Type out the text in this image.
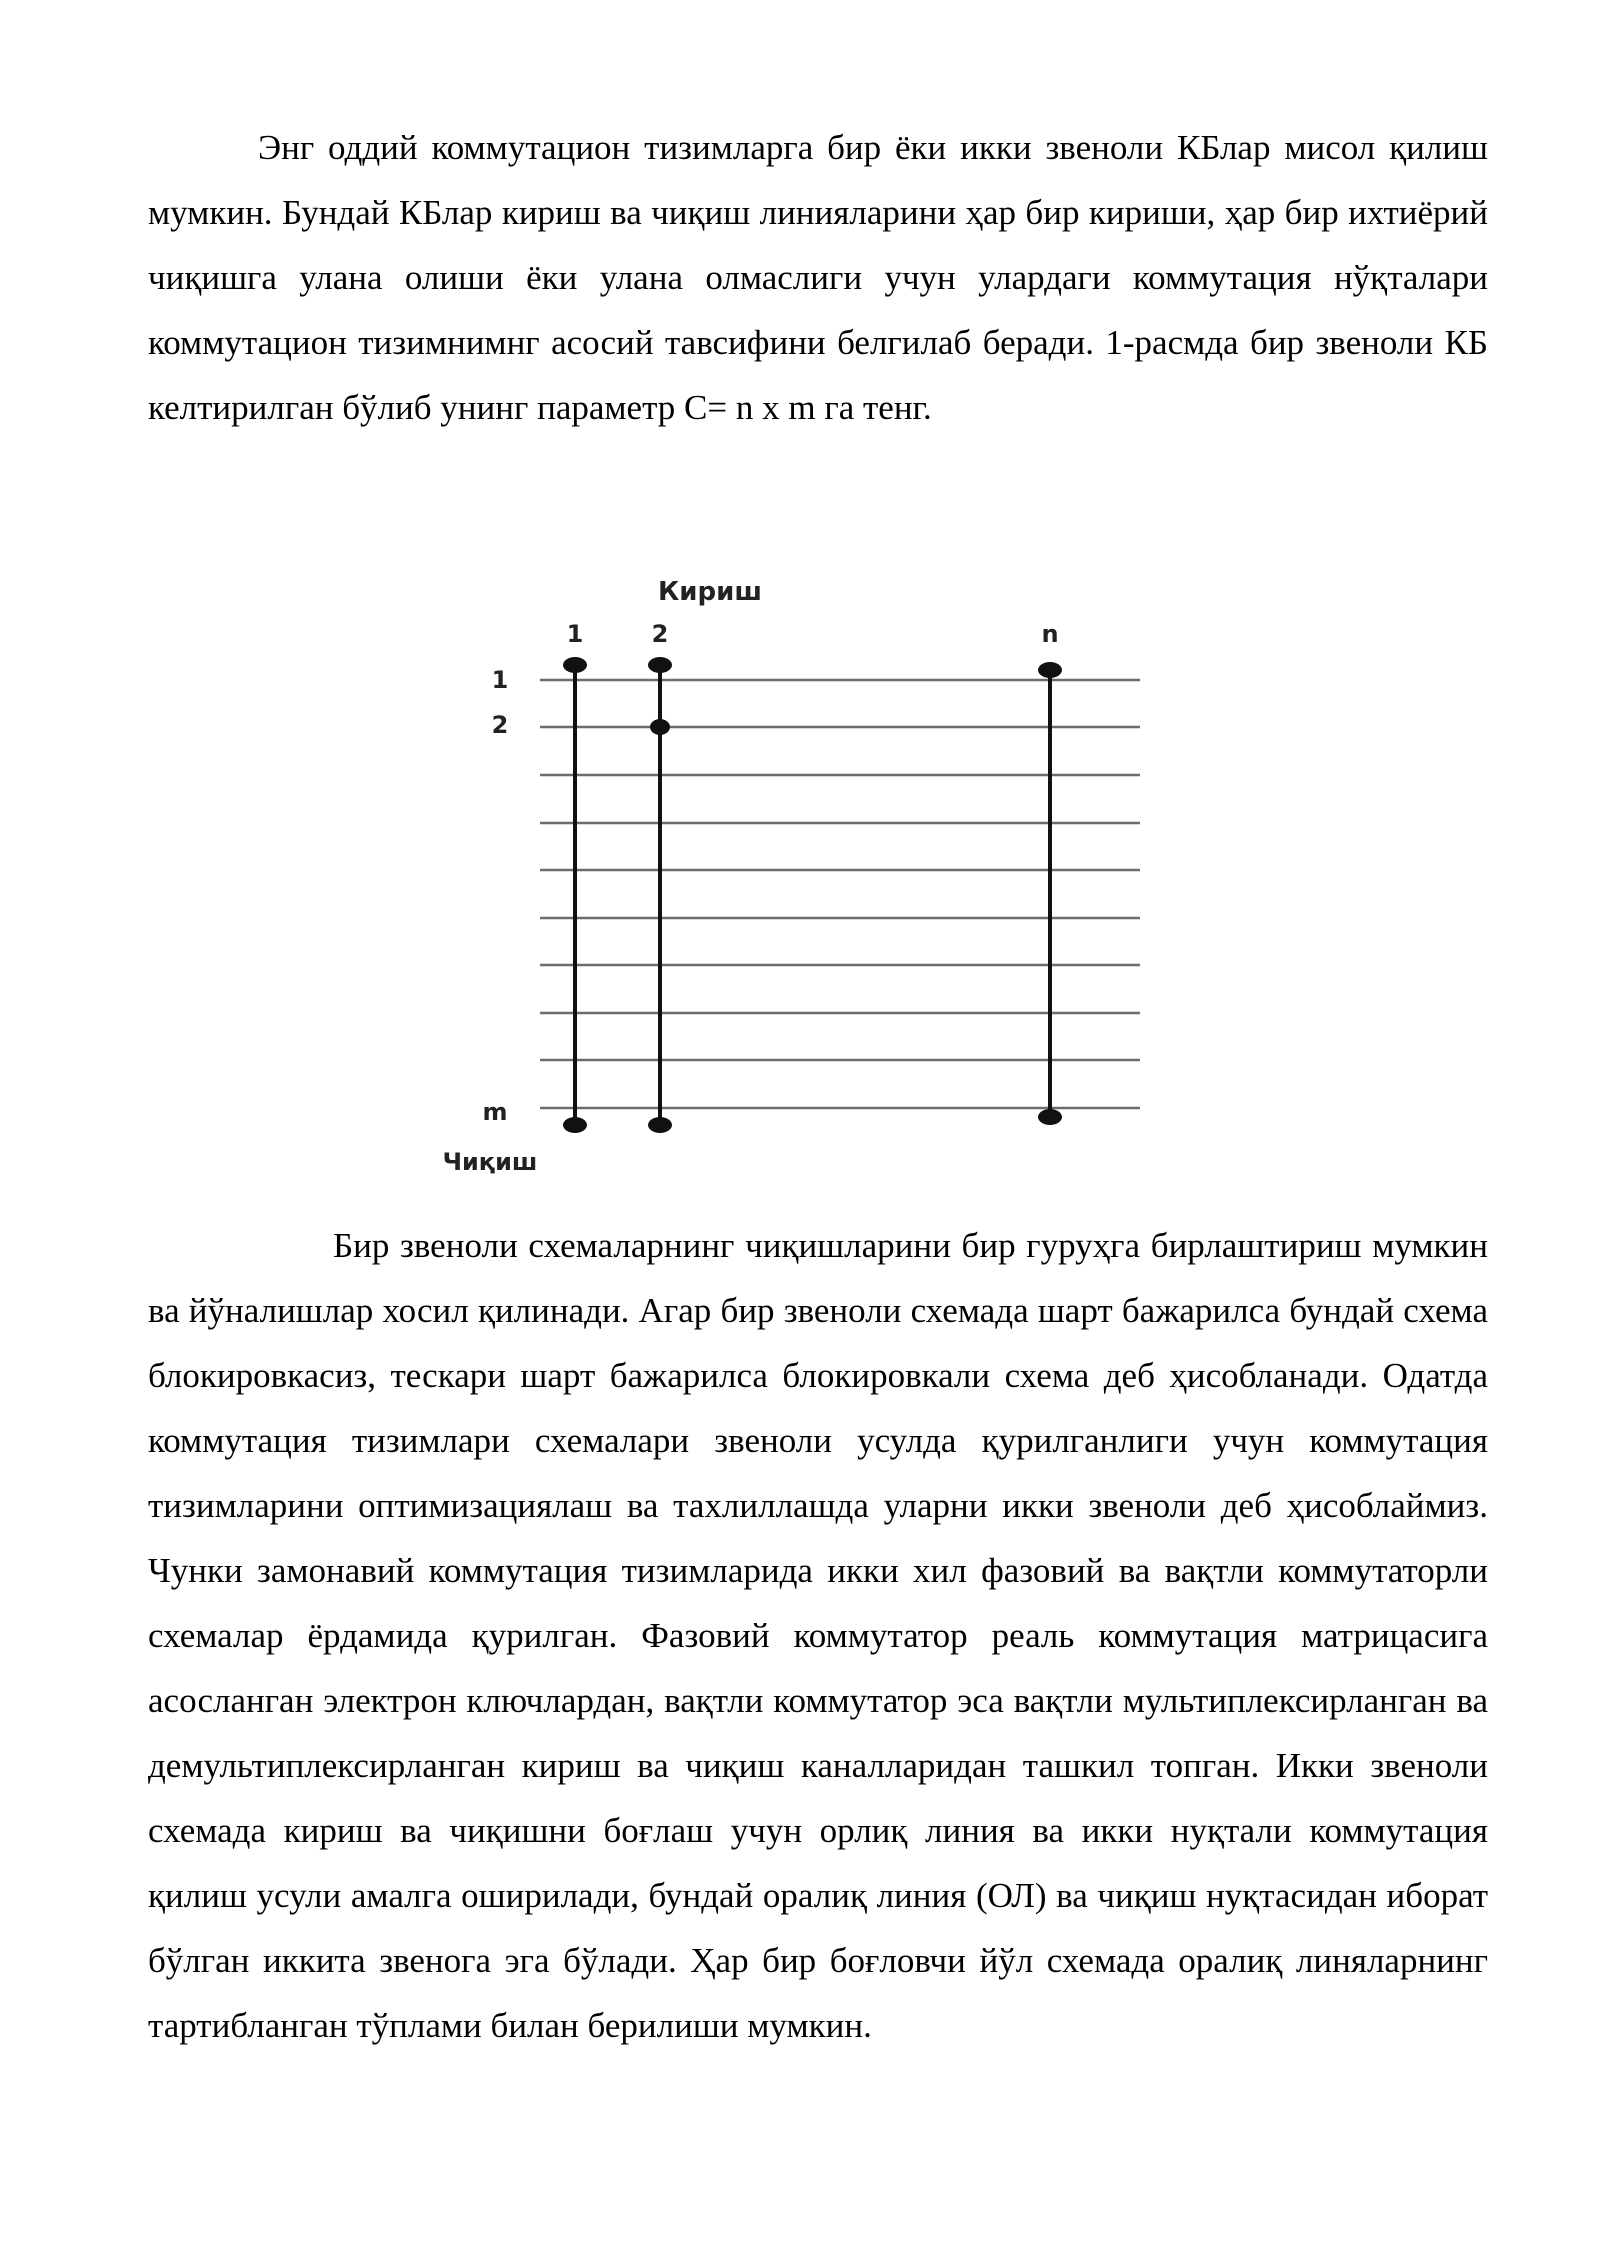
Энг оддий коммутацион тизимларга бир ёки икки звеноли КБлар мисол қилиш мумкин. Бундай КБлар кириш ва чиқиш линияларини ҳар бир кириши, ҳар бир ихтиёрий чиқишга улана олиши ёки улана олмаслиги учун улардаги коммутация нўқталари коммутацион тизимнимнг асосий тавсифини белгилаб беради. 1-расмда бир звеноли КБ келтирилган бўлиб унинг параметр С= n х m га тенг.

Кириш
1	2	n
1
2
m
Чиқиш

Бир звеноли схемаларнинг чиқишларини бир гуруҳга бирлаштириш мумкин ва йўналишлар хосил қилинади. Агар бир звеноли схемада шарт бажарилса бундай схема блокировкасиз, тескари шарт бажарилса блокировкали схема деб ҳисобланади. Одатда коммутация тизимлари схемалари звеноли усулда қурилганлиги учун коммутация тизимларини оптимизациялаш ва тахлиллашда уларни икки звеноли деб ҳисоблаймиз. Чунки замонавий коммутация тизимларида икки хил фазовий ва вақтли коммутаторли схемалар ёрдамида қурилган. Фазовий коммутатор реаль коммутация матрицасига асосланган электрон ключлардан, вақтли коммутатор эса вақтли мультиплексирланган ва демультиплексирланган кириш ва чиқиш каналларидан ташкил топган. Икки звеноли схемада кириш ва чиқишни боғлаш учун орлиқ линия ва икки нуқтали коммутация қилиш усули амалга оширилади, бундай оралиқ линия (ОЛ) ва чиқиш нуқтасидан иборат бўлган иккита звенога эга бўлади. Ҳар бир боғловчи йўл схемада оралиқ линяларнинг тартибланган тўплами билан берилиши мумкин.
